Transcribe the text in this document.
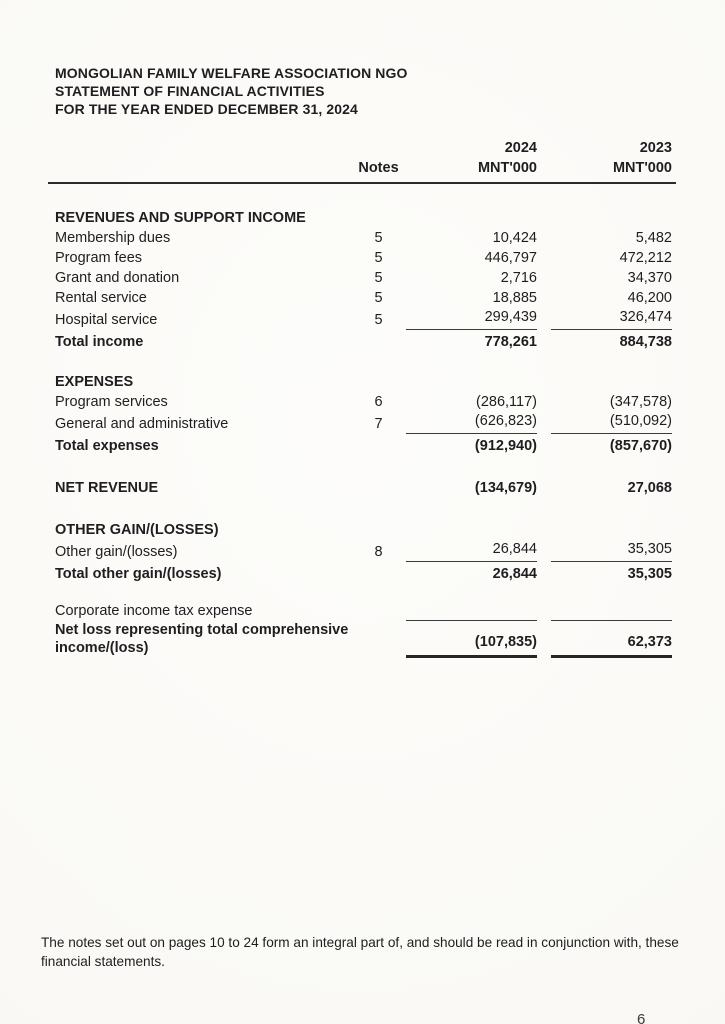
MONGOLIAN FAMILY WELFARE ASSOCIATION NGO
STATEMENT OF FINANCIAL ACTIVITIES
FOR THE YEAR ENDED DECEMBER 31, 2024
2024	2023
Notes	MNT'000	MNT'000
REVENUES AND SUPPORT INCOME
Membership dues	5	10,424	5,482
Program fees	5	446,797	472,212
Grant and donation	5	2,716	34,370
Rental service	5	18,885	46,200
Hospital service	5	299,439	326,474
Total income	778,261	884,738
EXPENSES
Program services	6	(286,117)	(347,578)
General and administrative	7	(626,823)	(510,092)
Total expenses	(912,940)	(857,670)
NET REVENUE	(134,679)	27,068
OTHER GAIN/(LOSSES)
Other gain/(losses)	8	26,844	35,305
Total other gain/(losses)	26,844	35,305
Corporate income tax expense
Net loss representing total comprehensive income/(loss)	(107,835)	62,373

The notes set out on pages 10 to 24 form an integral part of, and should be read in conjunction with, these financial statements.

6
